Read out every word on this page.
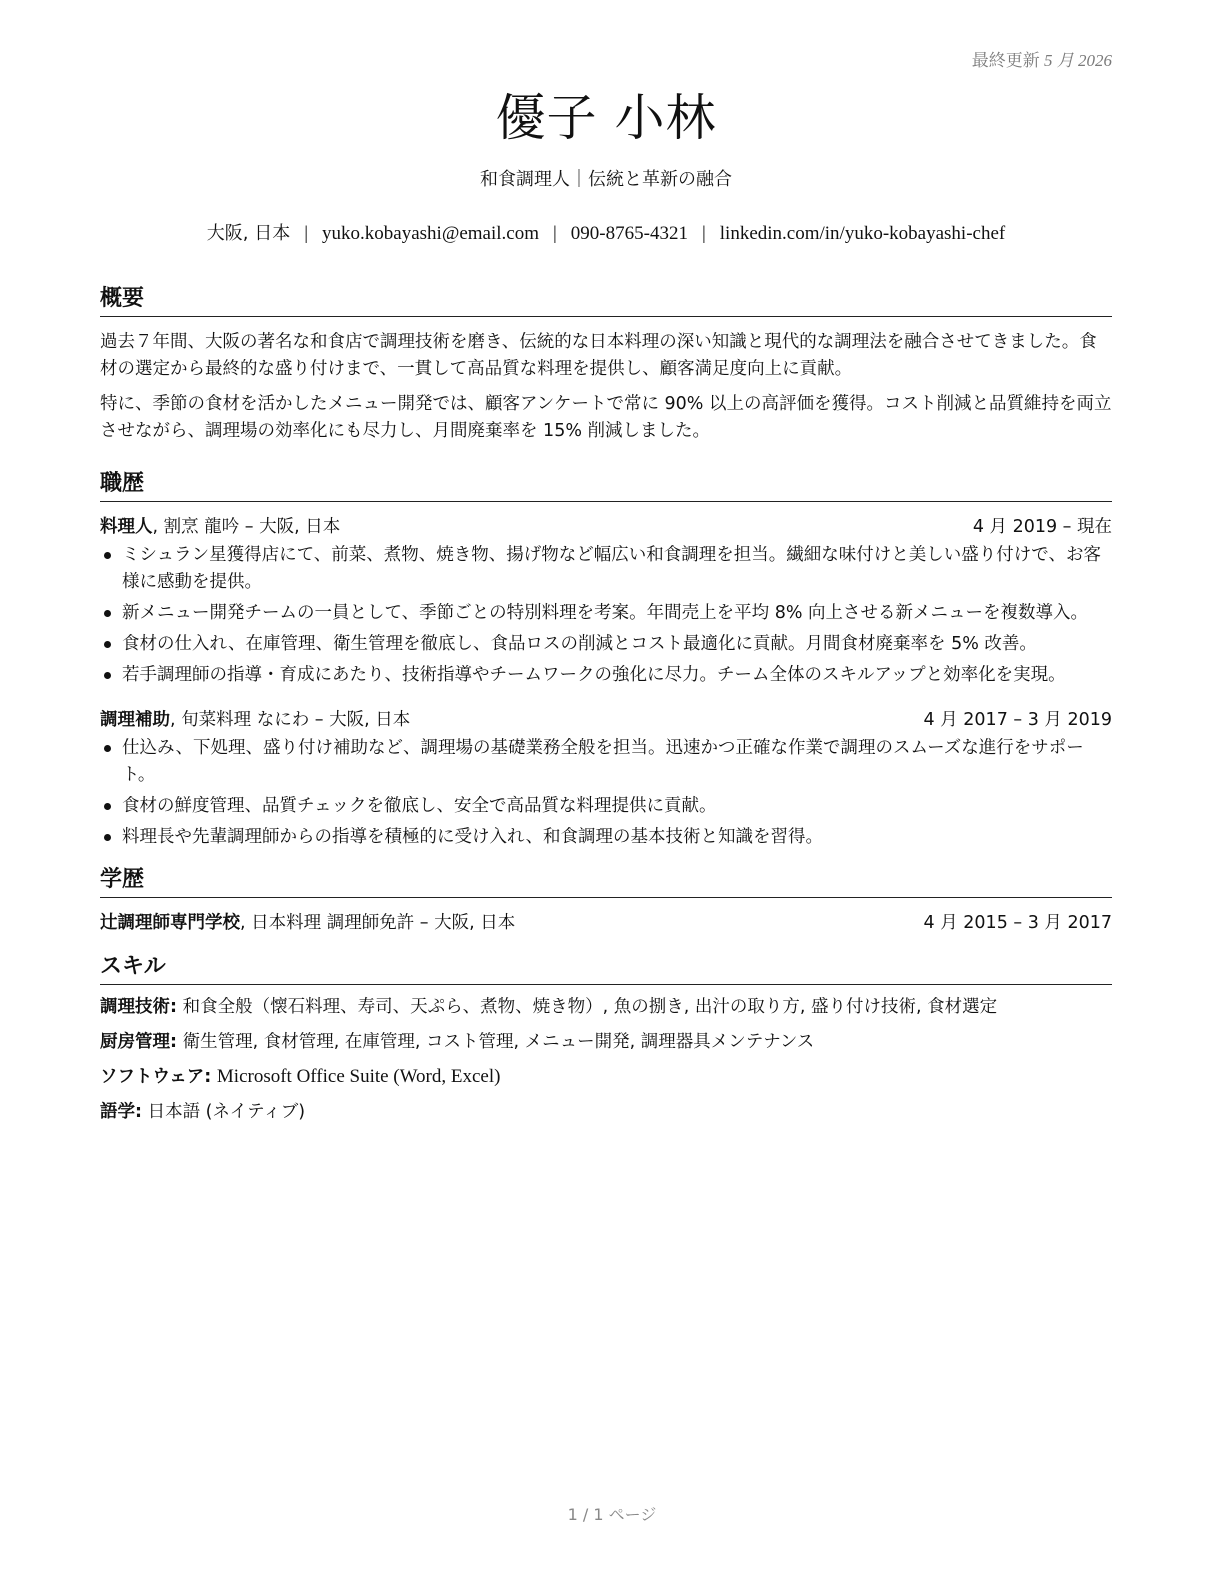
最終更新 5 月 2026
優子 小林
和食調理人｜伝統と革新の融合
大阪, 日本 | yuko.kobayashi@email.com | 090-8765-4321 | linkedin.com/in/yuko-kobayashi-chef
概要
過去７年間、大阪の著名な和食店で調理技術を磨き、伝統的な日本料理の深い知識と現代的な調理法を融合させてきました。食材の選定から最終的な盛り付けまで、一貫して高品質な料理を提供し、顧客満足度向上に貢献。
特に、季節の食材を活かしたメニュー開発では、顧客アンケートで常に 90% 以上の高評価を獲得。コスト削減と品質維持を両立させながら、調理場の効率化にも尽力し、月間廃棄率を 15% 削減しました。
職歴
料理人, 割烹 龍吟 – 大阪, 日本	4 月 2019 – 現在
ミシュラン星獲得店にて、前菜、煮物、焼き物、揚げ物など幅広い和食調理を担当。繊細な味付けと美しい盛り付けで、お客様に感動を提供。
新メニュー開発チームの一員として、季節ごとの特別料理を考案。年間売上を平均 8% 向上させる新メニューを複数導入。
食材の仕入れ、在庫管理、衛生管理を徹底し、食品ロスの削減とコスト最適化に貢献。月間食材廃棄率を 5% 改善。
若手調理師の指導・育成にあたり、技術指導やチームワークの強化に尽力。チーム全体のスキルアップと効率化を実現。
調理補助, 旬菜料理 なにわ – 大阪, 日本	4 月 2017 – 3 月 2019
仕込み、下処理、盛り付け補助など、調理場の基礎業務全般を担当。迅速かつ正確な作業で調理のスムーズな進行をサポート。
食材の鮮度管理、品質チェックを徹底し、安全で高品質な料理提供に貢献。
料理長や先輩調理師からの指導を積極的に受け入れ、和食調理の基本技術と知識を習得。
学歴
辻調理師専門学校, 日本料理 調理師免許 – 大阪, 日本	4 月 2015 – 3 月 2017
スキル
調理技術: 和食全般（懐石料理、寿司、天ぷら、煮物、焼き物）, 魚の捌き, 出汁の取り方, 盛り付け技術, 食材選定
厨房管理: 衛生管理, 食材管理, 在庫管理, コスト管理, メニュー開発, 調理器具メンテナンス
ソフトウェア: Microsoft Office Suite (Word, Excel)
語学: 日本語 (ネイティブ)
1 / 1 ページ
